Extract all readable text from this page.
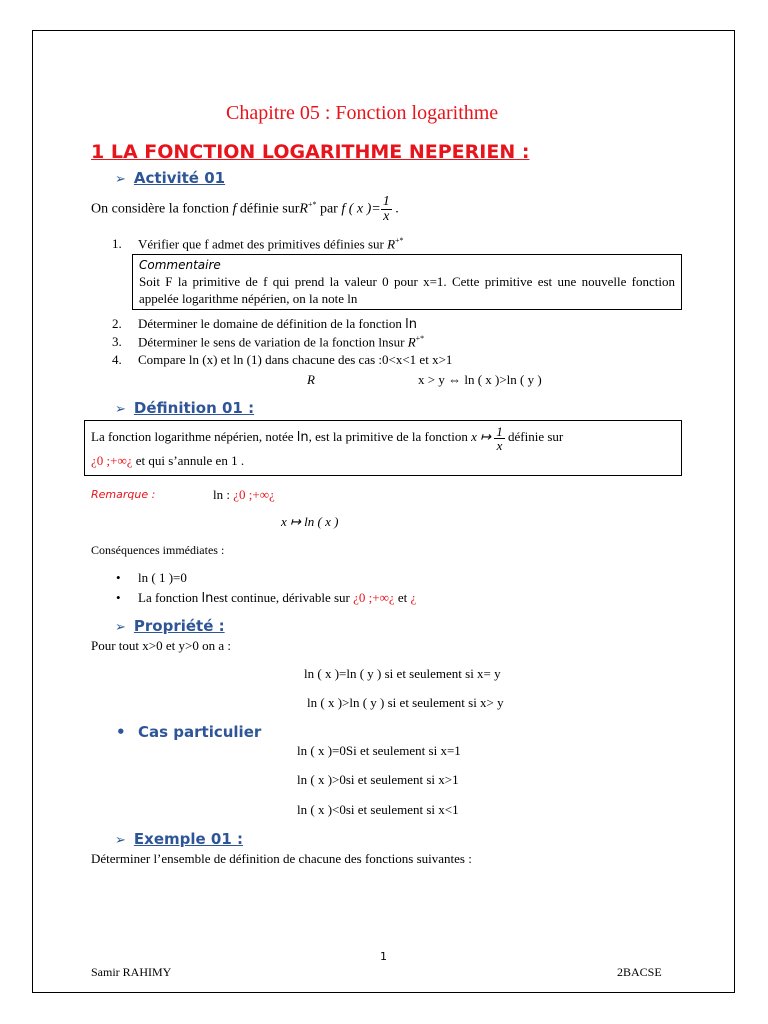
Chapitre 05 : Fonction logarithme
1 LA FONCTION LOGARITHME NEPERIEN :
➢ Activité 01
On considère la fonction f définie surR+* par f ( x )= $\frac{1}{x}$ .
1. Vérifier que f admet des primitives définies sur R+*
Commentaire
Soit F la primitive de f qui prend la valeur 0 pour x=1. Cette primitive est une nouvelle fonction appelée logarithme népérien, on la note ln
2. Déterminer le domaine de définition de la fonction ln
3. Déterminer le sens de variation de la fonction lnsur R+*
4. Compare ln (x) et ln (1) dans chacune des cas :0<x<1 et x>1
R	x > y ⇔ ln ( x )>ln ( y )
➢ Définition 01 :
La fonction logarithme népérien, notée ln, est la primitive de la fonction x ↦ $\frac{1}{x}$ définie sur
¿0 ;+∞¿ et qui s’annule en 1 .
Remarque :	ln : ¿0 ;+∞¿
x ↦ ln ( x )
Conséquences immédiates :
• ln ( 1 )=0
• La fonction lnest continue, dérivable sur ¿0 ;+∞¿ et ¿
➢ Propriété :
Pour tout x>0 et y>0 on a :
ln ( x )=ln ( y ) si et seulement si x= y
ln ( x )>ln ( y ) si et seulement si x> y
• Cas particulier
ln ( x )=0Si et seulement si x=1
ln ( x )>0si et seulement si x>1
ln ( x )<0si et seulement si x<1
➢ Exemple 01 :
Déterminer l’ensemble de définition de chacune des fonctions suivantes :
1
Samir RAHIMY	2BACSE
